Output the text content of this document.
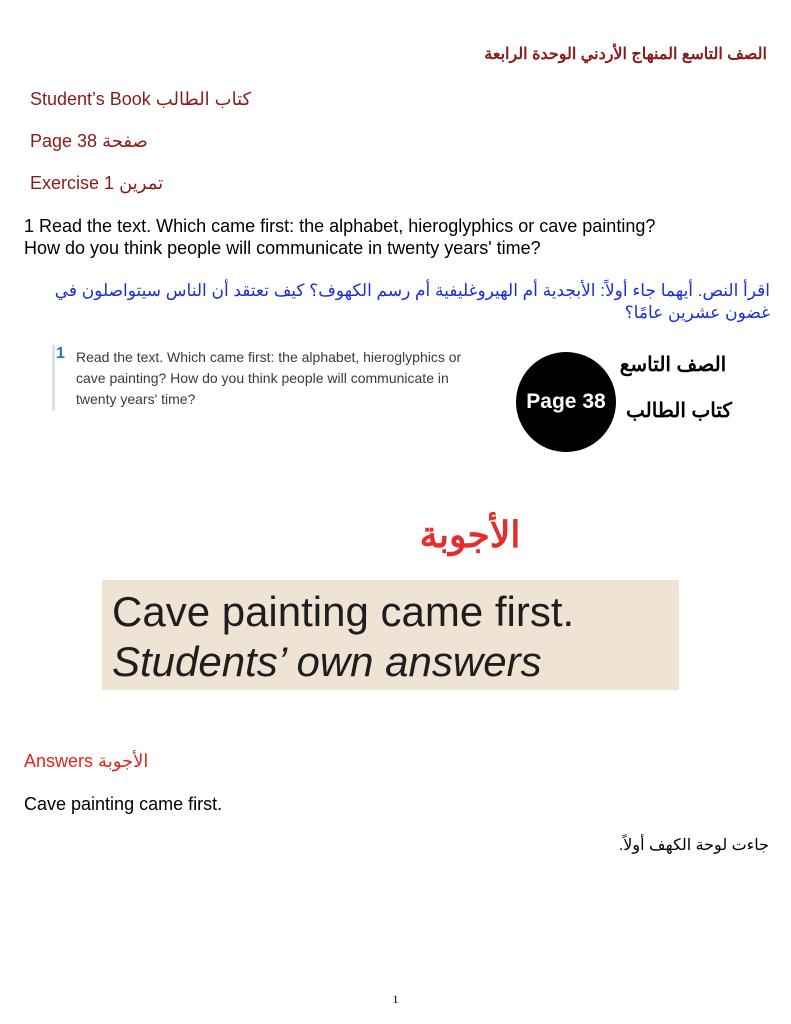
الصف التاسع المنهاج الأردني الوحدة الرابعة
Student’s Book كتاب الطالب
Page 38 صفحة
Exercise 1 تمرين
1 Read the text. Which came first: the alphabet, hieroglyphics or cave painting?
How do you think people will communicate in twenty years' time?
اقرأ النص. أيهما جاء أولاً: الأبجدية أم الهيروغليفية أم رسم الكهوف؟ كيف تعتقد أن الناس سيتواصلون في غضون عشرين عامًا؟
1 Read the text. Which came first: the alphabet, hieroglyphics or
cave painting? How do you think people will communicate in
twenty years' time?	Page 38
الصف التاسع
كتاب الطالب
الأجوبة
Cave painting came first.
Students’ own answers
Answers الأجوبة
Cave painting came first.
جاءت لوحة الكهف أولاً.
1
